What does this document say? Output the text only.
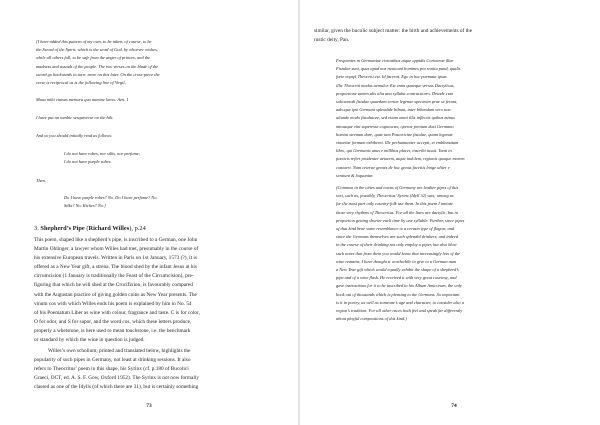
[I have added this pattern of my own, to be taken, of course, to be

the Sword of the Spirit, which is the word of God, by whoever wishes,

while all others fall, to be safe from the anger of princes, and the

madness and assault of the people. The two verses on the blade of the

sword go backwards in turn: more on this later. On the cross-piece the

verse is reciprocal as is the following line of Virgil,

Musa mihi causas memora quo numine laeso. Aen. 1

I have put an iambic sesquiverse on the hilt.

And so you should initially read as follows:

I do not have robes, nor silks, nor perfume;

I do not have purple robes.

Then,

Do I have purple robes? No. Do I have perfume? No.

Silks? No. Riches? No.]

3. Shepherd’s Pipe (Richard Willes), p.24

This poem, shaped like a shepherd’s pipe, is inscribed to a German, one John

Martin Ohlinger, a lawyer whom Willes had met, presumably in the course of

his extensive European travels. Written in Paris on 1st January, 1573 (?), it is

offered as a New Year gift, a strena. The blood shed by the infant Jesus at his

circumcision (1 January is traditionally the Feast of the Circumcision), pre-

figuring that which he will shed at the Crucifixion, is favourably compared

with the Augustan practice of giving golden coins as New Year presents. The

vinum cos with which Willes ends his poem is explained by him in No. 54

of his Poematum Liber as wine with colour, fragrance and taste. C is for color,

O for odor, and S for sapor, and the word cos, which these letters produce,

properly a whetstone, is here used to mean touchstone, i.e. the benchmark

or standard by which the wine in question is judged.

Willes’s own scholium, printed and translated below, highlights the

popularity of such pipes in Germany, not least at drinking sessions. It also

refers to Theocritus’ poem in this shape, his Syrinx (cf. p.180 of Bucolici

Graeci, OCT, ed. A. S. F. Gow, Oxford 1952). The Syrinx is not now formally

classed as one of the Idylls (of which there are 31), but is certainly something

73

similar, given the bucolic subject matter: the birth and achievements of the

rustic deity, Pan.

Frequentes in Germaniae civitatibus atque oppidis Coriaceae illae

Fistulae sunt, quas apud nos rusticani homines pro sonitu pand, qualis

forte συριγξ Theocriti est. Id facerat. Ego in hoc poemata ipsas

illic Theocriti modus aemulor. Est enim quaeque versus Dactylicus,

proportione tamen alis alia una syllaba contractiores. Deinde cum

solicamodi fistulae quaedam certae legenae specimen prae se ferant,

adeoque ipsi Germani splendide bibunt, inter bibendum vero non

aliunde modo fistulatore, sed etiam omni illis inflectis quibus minus

minusque vini superesse cognoscas; operae pretium duxi Germano

homini strenam dare, quae tam Pastoriciae fistulae, quam legenae

vinariae formam exhiberet. Ille perhumaniter accepit, et emblematum

libro, qui Germanis unus e millibus placet, inscribi iussit. Tanti in

poeticis refert prudenter aetatem, atque indolem, regionis quoque morem

contueri. Nam ceterae gentes de hoc genus facetiis longe aliter e

sentiunt & loquuntur.

(Common in the cities and towns of Germany are leather pipes of this

sort, such as, possibly, Theocritus’ Syrinx (Idyll 32) was; among us

for the most part only country-folk use them. In this poem I imitate

those very rhythms of Theocritus. For all the lines are dactylic, but in

proportion getting shorter each time by one syllable. Further, since pipes

of that kind bear some resemblance to a certain type of flagon; and

since the Germans themselves are such splendid drinkers, and indeed

in the course of their drinking not only employ a piper, but also blow

such notes that from them you would know that increasingly less of the

wine remains, I have thought it worthwhile to give to a German man

a New Year gift which would equally exhibit the shape of a shepherd’s

pipe and of a wine flask. He received it with very great courtesy, and

gave instructions for it to be inscribed in his Album Amicorum, the only

book out of thousands which is pleasing to the Germans. So important

is it in poetry, as well as someone’s age and character, to consider also a

region’s tradition. For all other races both feel and speak far differently

about playful compositions of this kind.)

74
